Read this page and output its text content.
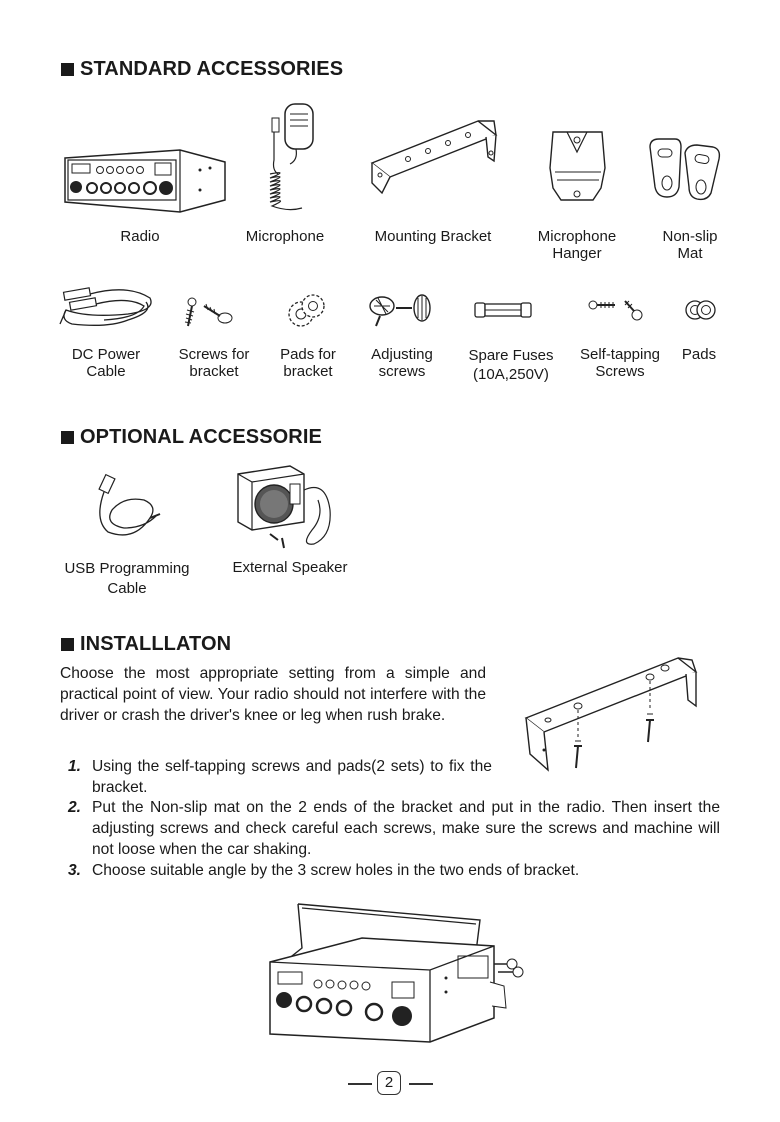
STANDARD ACCESSORIES
Radio	Microphone	Mounting Bracket	Microphone
Hanger
Non-slip
Mat
DC Power
Cable
Screws for
bracket
Pads for
bracket
Adjusting
screws
Spare Fuses
(10A,250V)
Self-tapping
Screws
Pads
OPTIONAL ACCESSORIE
USB Programming
Cable
External Speaker
INSTALLLATON
Choose the most appropriate setting from a simple and practical point of view. Your radio should not interfere with the driver or crash the driver's knee or leg when rush brake.
1. Using the self-tapping screws and pads(2 sets) to fix the bracket.
2. Put the Non-slip mat on the 2 ends of the bracket and put in the radio. Then insert the adjusting screws and check careful each screws, make sure the screws and machine will not loose when the car shaking.
3. Choose suitable angle by the 3 screw holes in the two ends of bracket.
2
